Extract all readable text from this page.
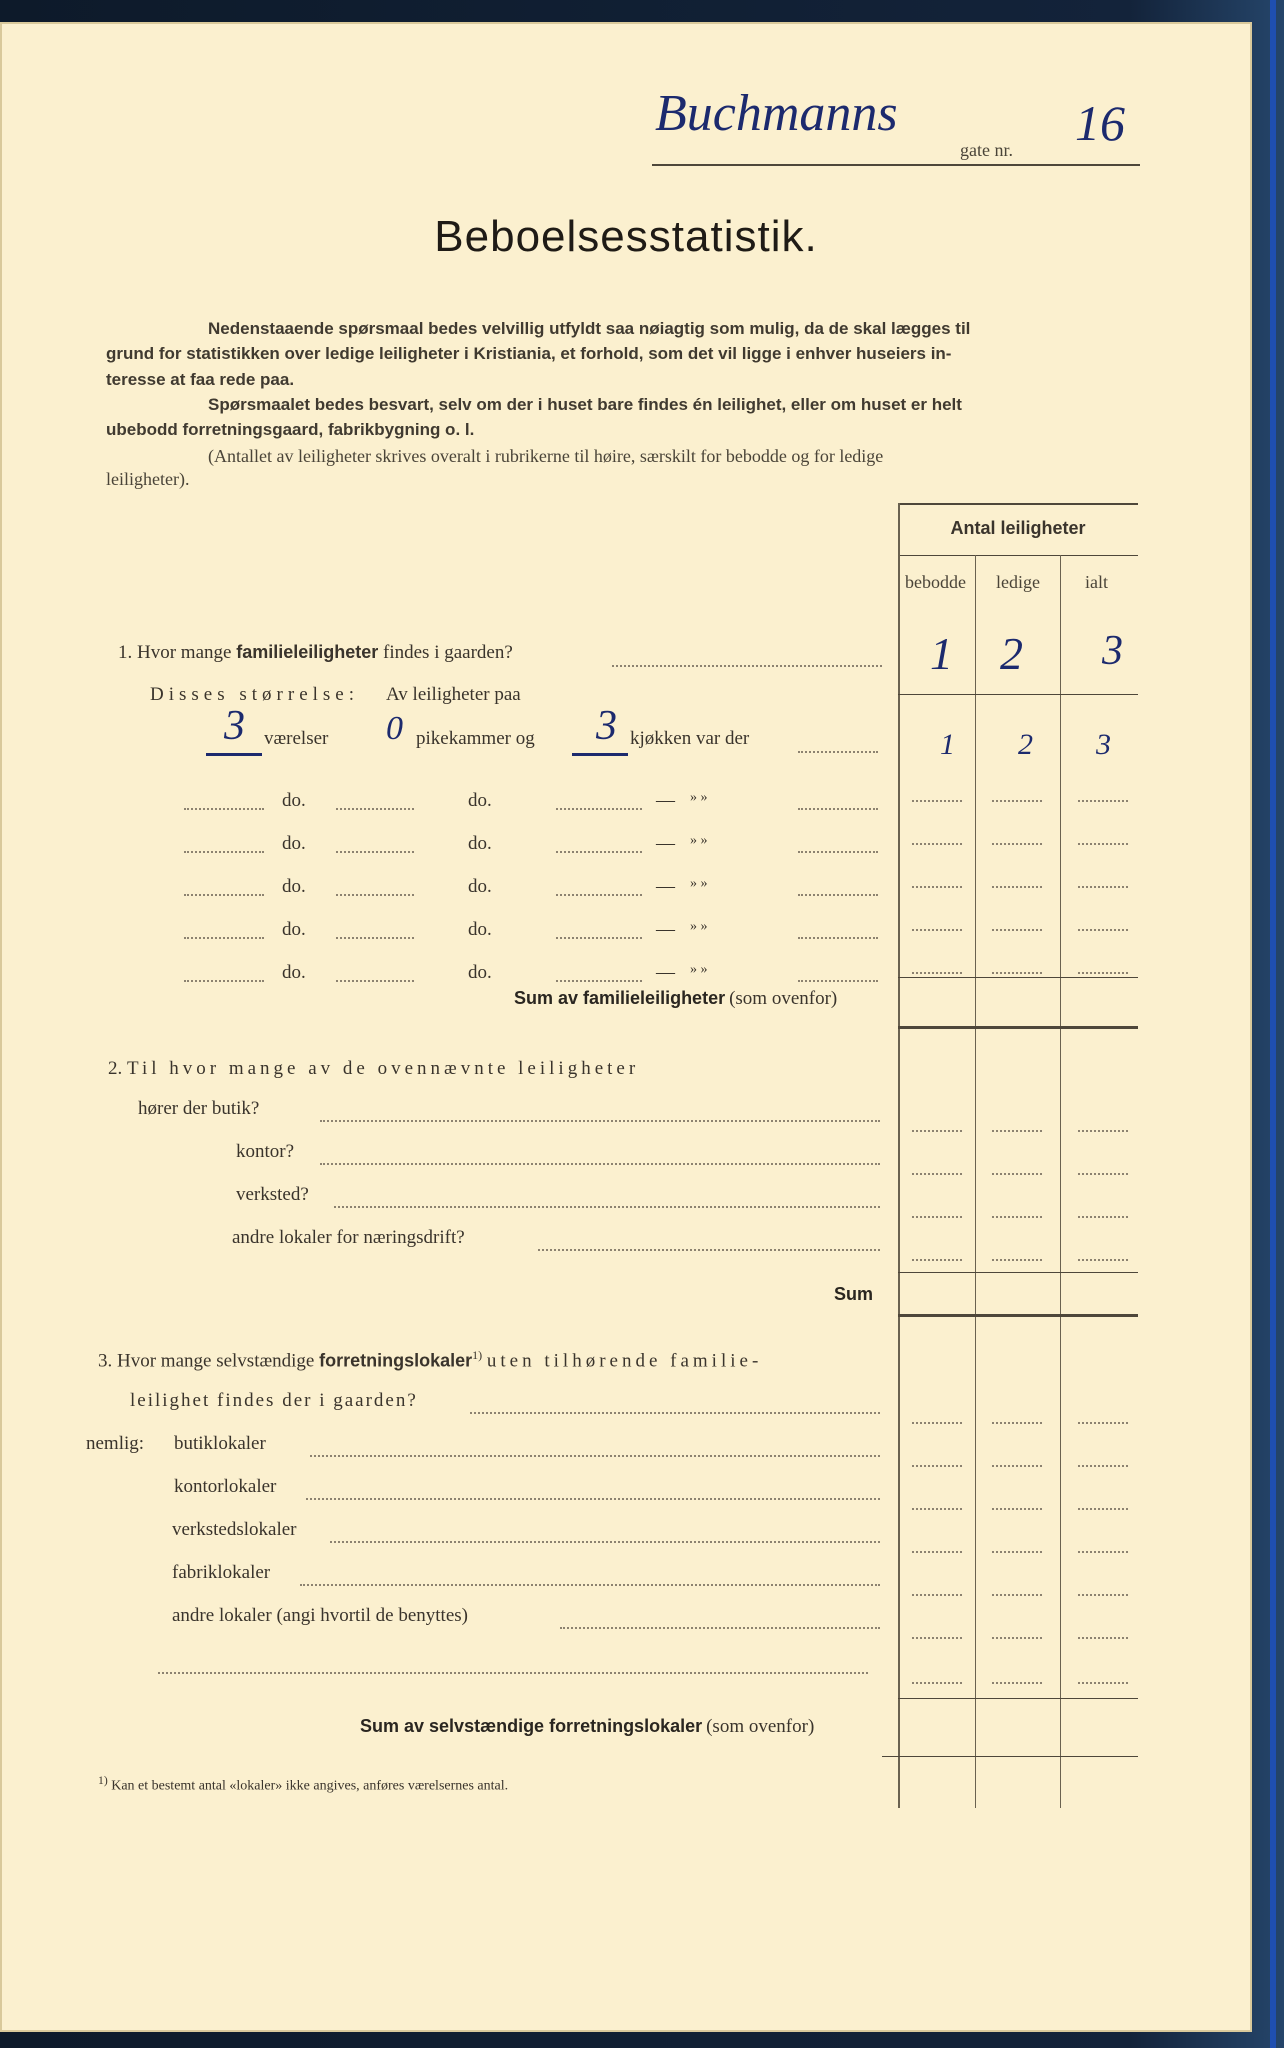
Buchmanns
gate nr. 16
Beboelsesstatistik.
Nedenstaaende spørsmaal bedes velvillig utfyldt saa nøiagtig som mulig, da de skal lægges til
grund for statistikken over ledige leiligheter i Kristiania, et forhold, som det vil ligge i enhver huseiers in-
teresse at faa rede paa.
Spørsmaalet bedes besvart, selv om der i huset bare findes én leilighet, eller om huset er helt
ubebodd forretningsgaard, fabrikbygning o. l.
(Antallet av leiligheter skrives overalt i rubrikerne til høire, særskilt for bebodde og for ledige
leiligheter).
Antal leiligheter
bebodde ledige	ialt
1. Hvor mange familieleiligheter findes i gaarden?	1 2 3
Disses størrelse: Av leiligheter paa
3 værelser 0 pikekammer og 3 kjøkken var der	1 2 3
do.	do.	— » »
do.	do.	— » »
do.	do.	— » »
do.	do.	— » »
do.	do.	— » »
Sum av familieleiligheter (som ovenfor)
2. Til hvor mange av de ovennævnte leiligheter
hører der butik?
kontor?
verksted?
andre lokaler for næringsdrift?
Sum
3. Hvor mange selvstændige forretningslokaler$^{1)}$ uten tilhørende familie-
leilighet findes der i gaarden?
nemlig: butiklokaler
kontorlokaler
verkstedslokaler
fabriklokaler
andre lokaler (angi hvortil de benyttes)
Sum av selvstændige forretningslokaler (som ovenfor)
$^{1)}$ Kan et bestemt antal «lokaler» ikke angives, anføres værelsernes antal.
